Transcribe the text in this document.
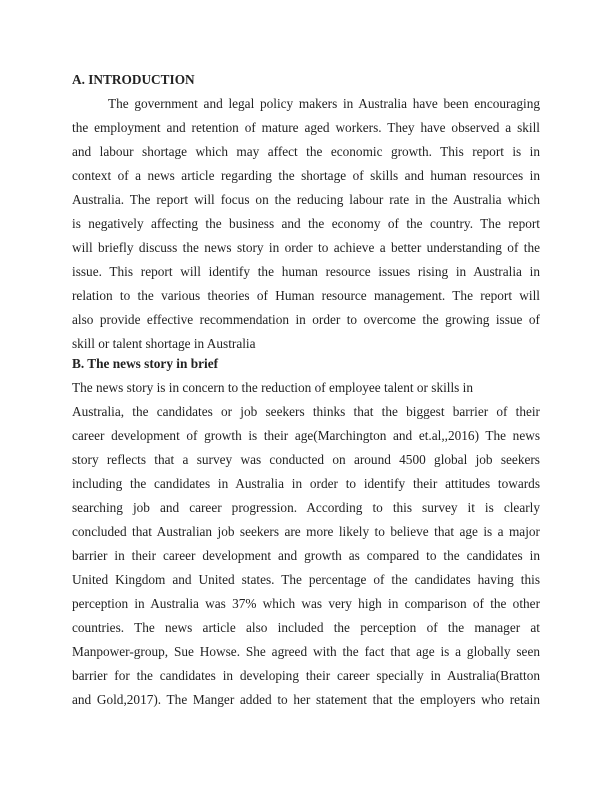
A. INTRODUCTION
The government and legal policy makers in Australia have been encouraging
the employment and retention of mature aged workers. They have observed a skill
and labour shortage which may affect the economic growth. This report is in
context of a news article regarding the shortage of skills and human resources in
Australia. The report will focus on the reducing labour rate in the Australia which
is negatively affecting the business and the economy of the country. The report
will briefly discuss the news story in order to achieve a better understanding of the
issue. This report will identify the human resource issues rising in Australia in
relation to the various theories of Human resource management. The report will
also provide effective recommendation in order to overcome the growing issue of
skill or talent shortage in Australia
B. The news story in brief
The news story is in concern to the reduction of employee talent or skills in
Australia, the candidates or job seekers thinks that the biggest barrier of their
career development of growth is their age(Marchington and et.al,,2016) The news
story reflects that a survey was conducted on around 4500 global job seekers
including the candidates in Australia in order to identify their attitudes towards
searching job and career progression. According to this survey it is clearly
concluded that Australian job seekers are more likely to believe that age is a major
barrier in their career development and growth as compared to the candidates in
United Kingdom and United states. The percentage of the candidates having this
perception in Australia was 37% which was very high in comparison of the other
countries. The news article also included the perception of the manager at
Manpower-group, Sue Howse. She agreed with the fact that age is a globally seen
barrier for the candidates in developing their career specially in Australia(Bratton
and Gold,2017). The Manger added to her statement that the employers who retain
